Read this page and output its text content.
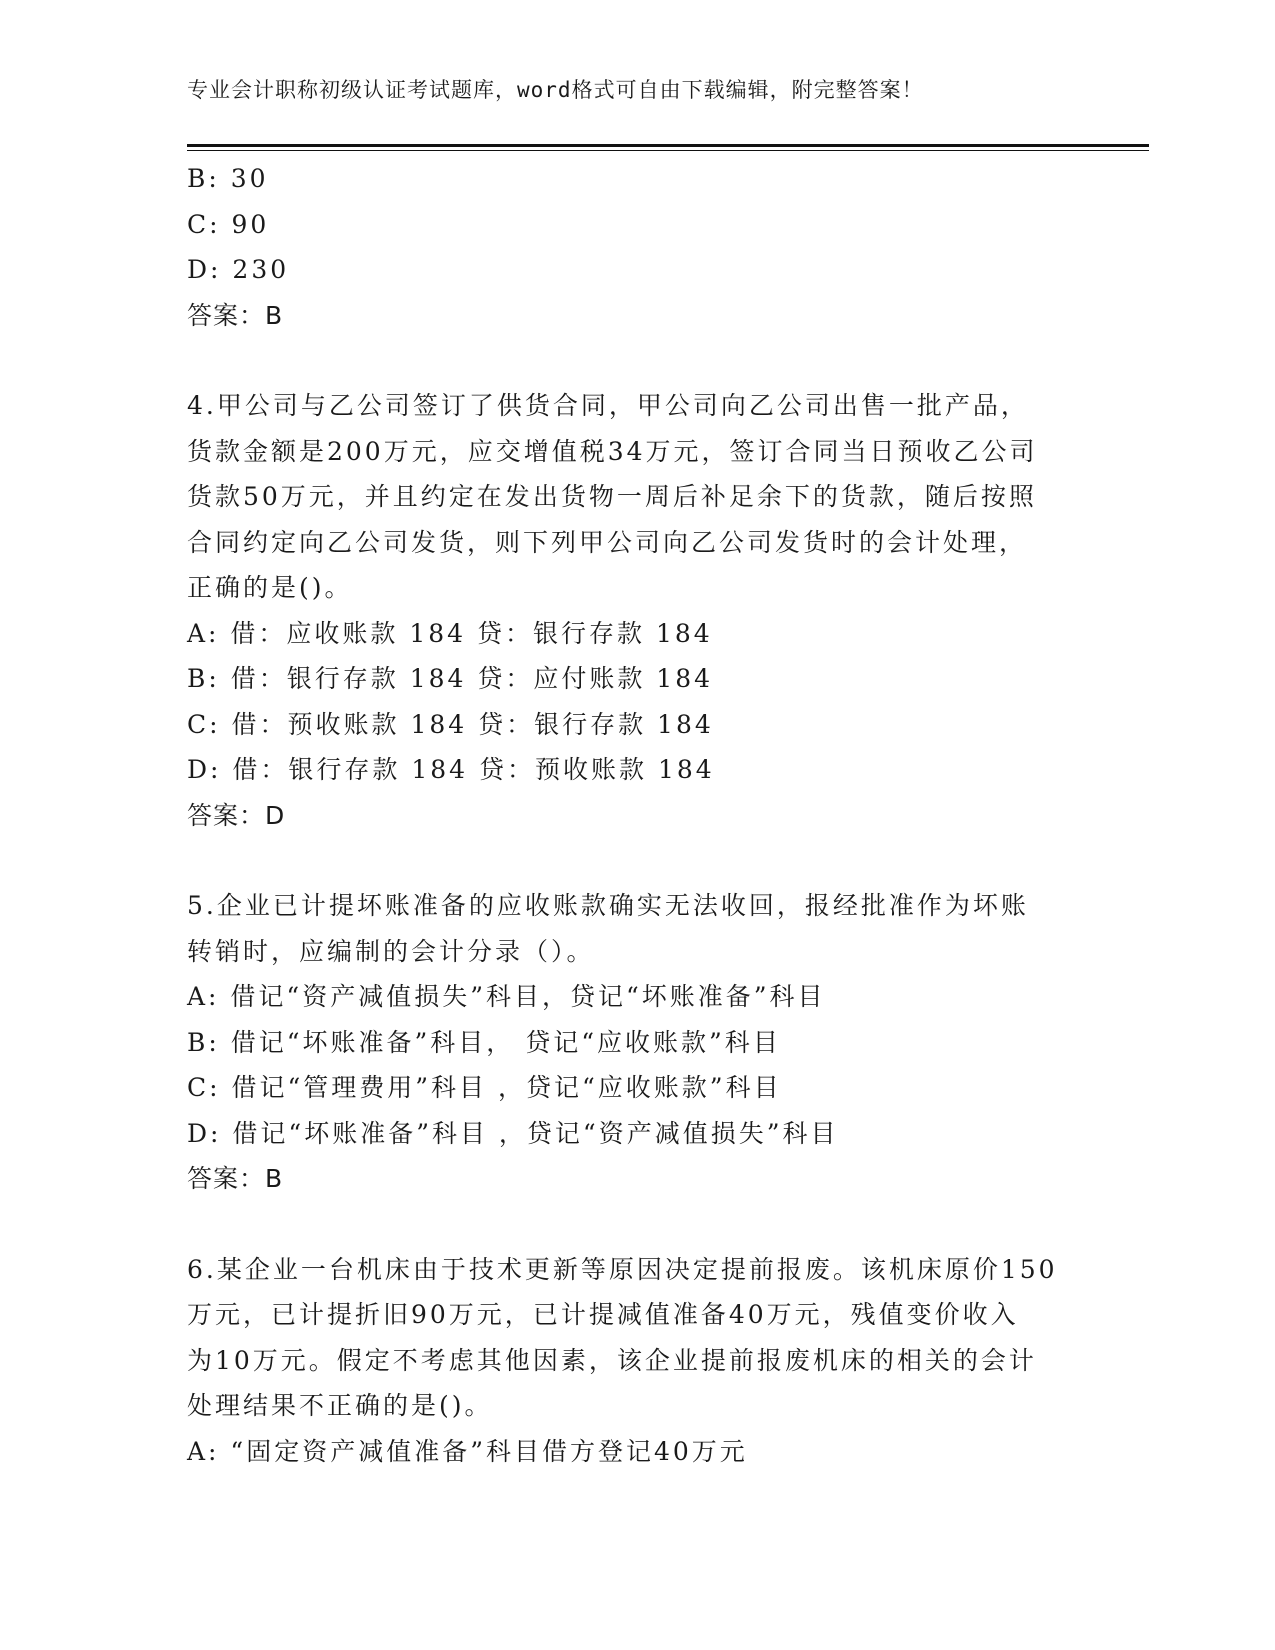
专业会计职称初级认证考试题库，word格式可自由下载编辑，附完整答案！
B: 30
C: 90
D: 230
答案：B
4.甲公司与乙公司签订了供货合同，甲公司向乙公司出售一批产品，
货款金额是200万元，应交增值税34万元，签订合同当日预收乙公司
货款50万元，并且约定在发出货物一周后补足余下的货款，随后按照
合同约定向乙公司发货，则下列甲公司向乙公司发货时的会计处理，
正确的是()。
A: 借：应收账款 184 贷：银行存款 184
B: 借：银行存款 184 贷：应付账款 184
C: 借：预收账款 184 贷：银行存款 184
D: 借：银行存款 184 贷：预收账款 184
答案：D
5.企业已计提坏账准备的应收账款确实无法收回，报经批准作为坏账
转销时，应编制的会计分录（）。
A: 借记“资产减值损失”科目，贷记“坏账准备”科目
B: 借记“坏账准备”科目， 贷记“应收账款”科目
C: 借记“管理费用”科目 ，贷记“应收账款”科目
D: 借记“坏账准备”科目 ，贷记“资产减值损失”科目
答案：B
6.某企业一台机床由于技术更新等原因决定提前报废。该机床原价150
万元，已计提折旧90万元，已计提减值准备40万元，残值变价收入
为10万元。假定不考虑其他因素，该企业提前报废机床的相关的会计
处理结果不正确的是()。
A: “固定资产减值准备”科目借方登记40万元
